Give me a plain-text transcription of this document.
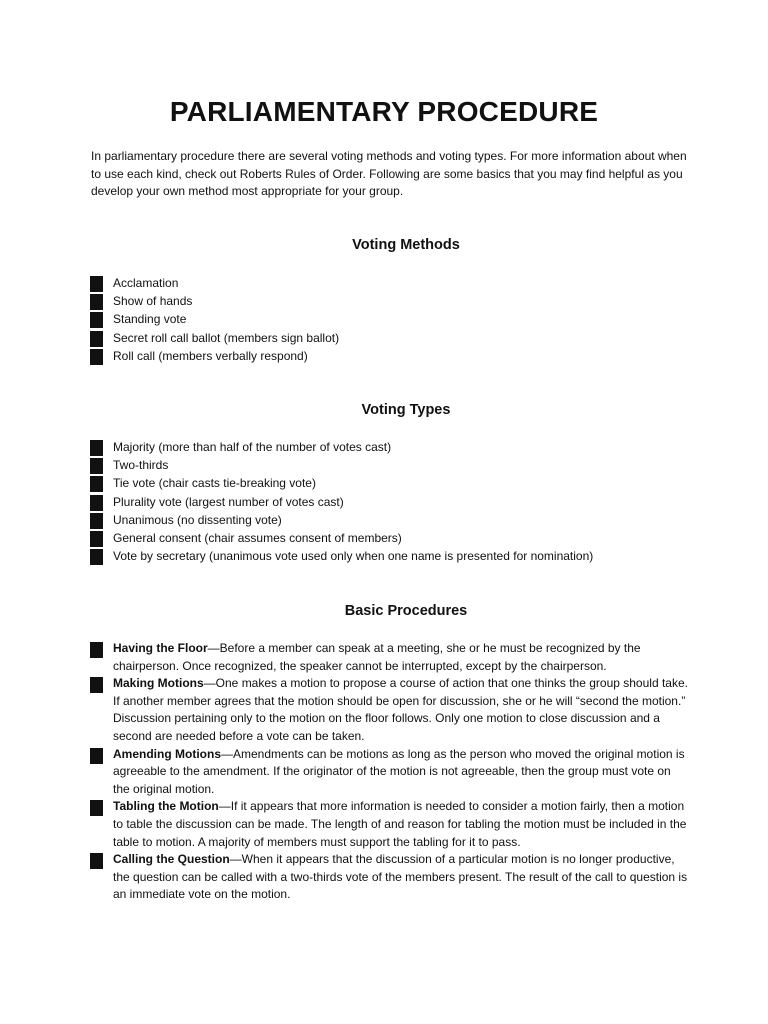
PARLIAMENTARY PROCEDURE
In parliamentary procedure there are several voting methods and voting types. For more information about when to use each kind, check out Roberts Rules of Order. Following are some basics that you may find helpful as you develop your own method most appropriate for your group.
Voting Methods
Acclamation
Show of hands
Standing vote
Secret roll call ballot (members sign ballot)
Roll call (members verbally respond)
Voting Types
Majority (more than half of the number of votes cast)
Two-thirds
Tie vote (chair casts tie-breaking vote)
Plurality vote (largest number of votes cast)
Unanimous (no dissenting vote)
General consent (chair assumes consent of members)
Vote by secretary (unanimous vote used only when one name is presented for nomination)
Basic Procedures
Having the Floor—Before a member can speak at a meeting, she or he must be recognized by the chairperson. Once recognized, the speaker cannot be interrupted, except by the chairperson.
Making Motions—One makes a motion to propose a course of action that one thinks the group should take. If another member agrees that the motion should be open for discussion, she or he will “second the motion.” Discussion pertaining only to the motion on the floor follows. Only one motion to close discussion and a second are needed before a vote can be taken.
Amending Motions—Amendments can be motions as long as the person who moved the original motion is agreeable to the amendment. If the originator of the motion is not agreeable, then the group must vote on the original motion.
Tabling the Motion—If it appears that more information is needed to consider a motion fairly, then a motion to table the discussion can be made. The length of and reason for tabling the motion must be included in the table to motion. A majority of members must support the tabling for it to pass.
Calling the Question—When it appears that the discussion of a particular motion is no longer productive, the question can be called with a two-thirds vote of the members present. The result of the call to question is an immediate vote on the motion.
